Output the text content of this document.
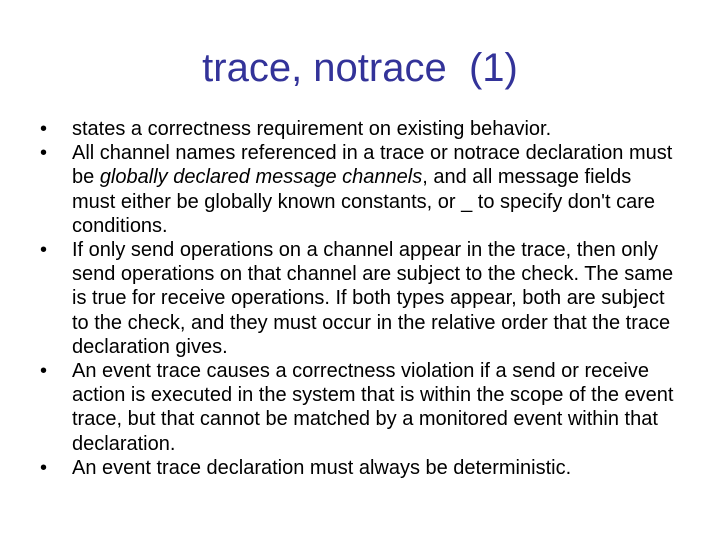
trace, notrace  (1)
•	states a correctness requirement on existing behavior.
•	All channel names referenced in a trace or notrace declaration must be globally declared message channels, and all message fields must either be globally known constants, or _ to specify don't care conditions.
•	If only send operations on a channel appear in the trace, then only send operations on that channel are subject to the check. The same is true for receive operations. If both types appear, both are subject to the check, and they must occur in the relative order that the trace declaration gives.
•	An event trace causes a correctness violation if a send or receive action is executed in the system that is within the scope of the event trace, but that cannot be matched by a monitored event within that declaration.
•	An event trace declaration must always be deterministic.
